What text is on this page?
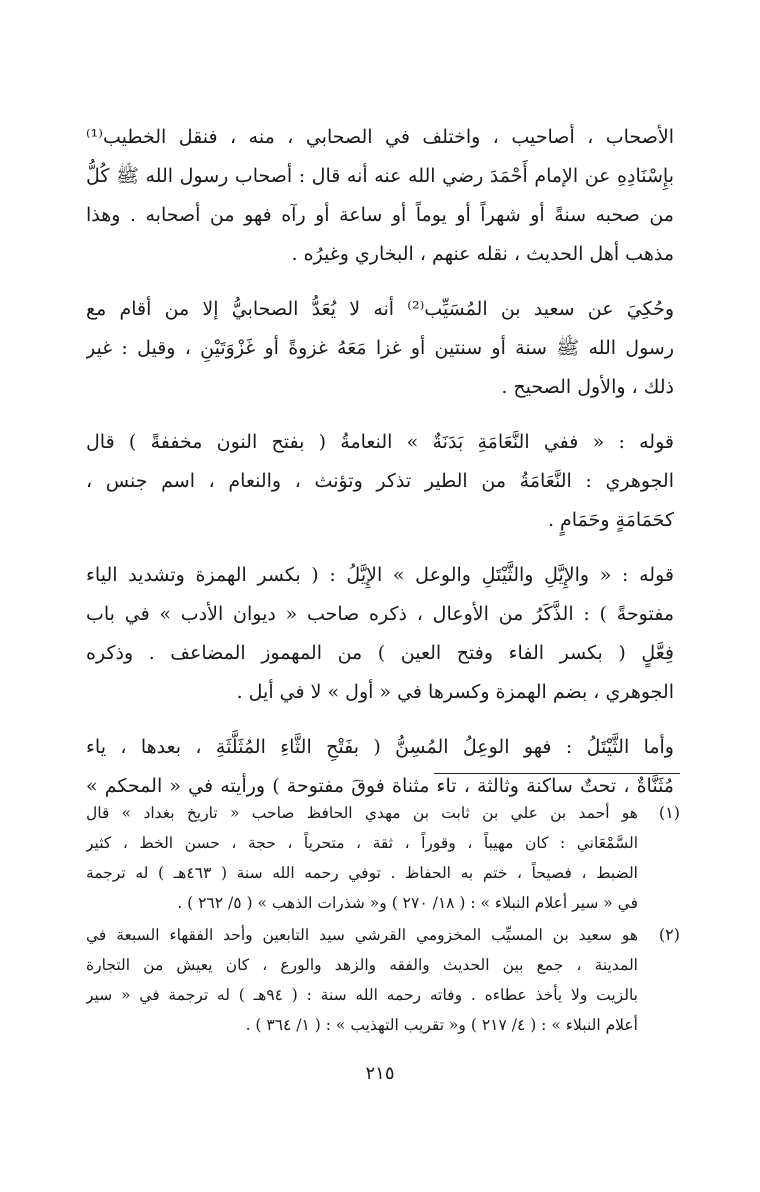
الأصحاب ، أصاحيب ، واختلف في الصحابي ، منه ، فنقل الخطيب⁽¹⁾
بإِسْنَادِهِ عن الإمام أَحْمَدَ رضي الله عنه أنه قال : أصحاب رسول الله ﷺ كُلُّ
من صحبه سنةً أو شهراً أو يوماً أو ساعة أو رآه فهو من أصحابه . وهذا
مذهب أهل الحديث ، نقله عنهم ، البخاري وغيرُه .
وحُكِيَ عن سعيد بن المُسَيِّب⁽²⁾ أنه لا يُعَدُّ الصحابيُّ إلا من أقام مع
رسول الله ﷺ سنة أو سنتين أو غزا مَعَهُ غزوةً أو غَزْوَتَيْنِ ، وقيل : غير
ذلك ، والأول الصحيح .
قوله : « ففي النَّعَامَةِ بَدَنَةٌ » النعامةُ ( بفتح النون مخففةً ) قال
الجوهري : النَّعَامَةُ من الطير تذكر وتؤنث ، والنعام ، اسم جنس ،
كحَمَامَةٍ وحَمَامٍ .
قوله : « والإِيَّلِ والثَّيْتَلِ والوعل » الإِيَّلُ : ( بكسر الهمزة وتشديد الياء
مفتوحةً ) : الذَّكَرُ من الأوعال ، ذكره صاحب « ديوان الأدب » في باب
فِعَّلٍ ( بكسر الفاء وفتح العين ) من المهموز المضاعف . وذكره
الجوهري ، بضم الهمزة وكسرها في « أول » لا في أيل .
وأما الثَّيْتَلُ : فهو الوعِلُ المُسِنُّ ( بفَتْحِ الثَّاءِ المُثَلَّثَةِ ، بعدها ، ياء
مُثَنَّاةٌ ، تحتٌ ساكنة وثالثة ، تاء مثناة فوقَ مفتوحة ) ورأيته في « المحكم »
(١)
هو أحمد بن علي بن ثابت بن مهدي الحافظ صاحب « تاريخ بغداد » قال
السَّمْعَاني : كان مهيباً ، وقوراً ، ثقة ، متحرياً ، حجة ، حسن الخط ، كثير
الضبط ، فصيحاً ، ختم به الحفاظ . توفي رحمه الله سنة ( ٤٦٣هـ ) له ترجمة
في « سير أعلام النبلاء » : ( ١٨/ ٢٧٠ ) و« شذرات الذهب » ( ٥/ ٢٦٢ ) .
(٢)
هو سعيد بن المسيِّب المخزومي القرشي سيد التابعين وأحد الفقهاء السبعة في
المدينة ، جمع بين الحديث والفقه والزهد والورع ، كان يعيش من التجارة
بالزيت ولا يأخذ عطاءه . وفاته رحمه الله سنة : ( ٩٤هـ ) له ترجمة في « سير
أعلام النبلاء » : ( ٤/ ٢١٧ ) و« تقريب التهذيب » : ( ١/ ٣٦٤ ) .
٢١٥
